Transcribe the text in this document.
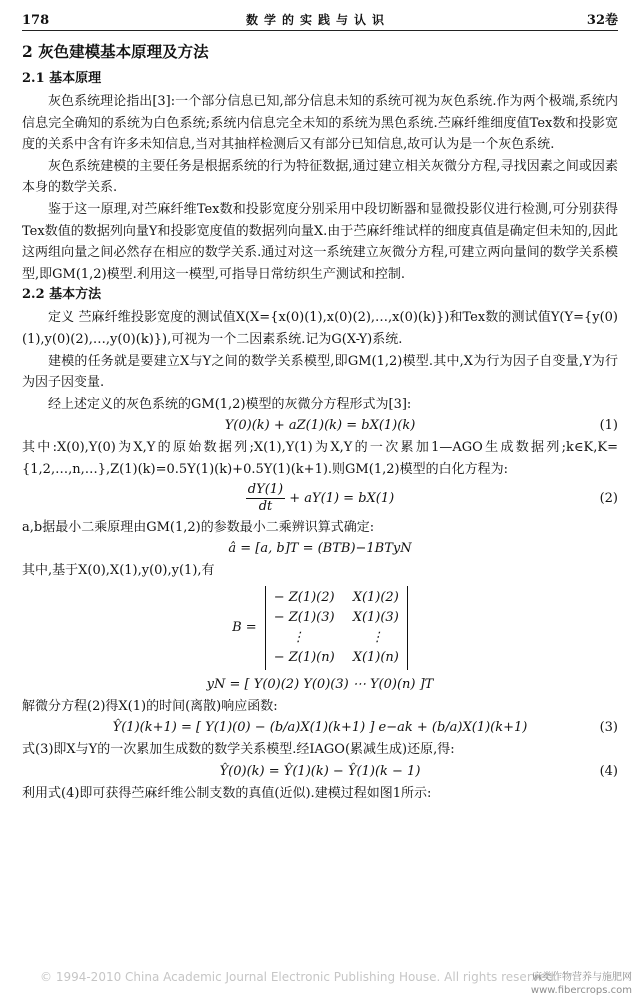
178	数学的实践与认识	32卷
2 灰色建模基本原理及方法
2.1 基本原理

灰色系统理论指出[3]:一个部分信息已知,部分信息未知的系统可视为灰色系统.作为两个极端,系统内信息完全确知的系统为白色系统;系统内信息完全未知的系统为黑色系统.苎麻纤维细度值Tex数和投影宽度的关系中含有许多未知信息,当对其抽样检测后又有部分已知信息,故可认为是一个灰色系统.

灰色系统建模的主要任务是根据系统的行为特征数据,通过建立相关灰微分方程,寻找因素之间或因素本身的数学关系.

鉴于这一原理,对苎麻纤维Tex数和投影宽度分别采用中段切断器和显微投影仪进行检测,可分别获得Tex数值的数据列向量Y和投影宽度值的数据列向量X.由于苎麻纤维试样的细度真值是确定但未知的,因此这两组向量之间必然存在相应的数学关系.通过对这一系统建立灰微分方程,可建立两向量间的数学关系模型,即GM(1,2)模型.利用这一模型,可指导日常纺织生产测试和控制.

2.2 基本方法

定义 苎麻纤维投影宽度的测试值X(X={x(0)(1),x(0)(2),…,x(0)(k)})和Tex数的测试值Y(Y={y(0)(1),y(0)(2),…,y(0)(k)}),可视为一个二因素系统.记为G(X-Y)系统.

建模的任务就是要建立X与Y之间的数学关系模型,即GM(1,2)模型.其中,X为行为因子自变量,Y为行为因子因变量.

经上述定义的灰色系统的GM(1,2)模型的灰微分方程形式为[3]:

Y(0)(k) + aZ(1)(k) = bX(1)(k)	(1)

其中:X(0),Y(0)为X,Y的原始数据列;X(1),Y(1)为X,Y的一次累加1—AGO生成数据列;k∈K,K={1,2,…,n,…},Z(1)(k)=0.5Y(1)(k)+0.5Y(1)(k+1).则GM(1,2)模型的白化方程为:

$\frac{dY(1)}{dt} + aY(1) = bX(1)$	(2)

a,b据最小二乘原理由GM(1,2)的参数最小二乘辨识算式确定:

â = [a, b]T = (BTB)−1BTyN

其中,基于X(0),X(1),y(0),y(1),有

B =
− Z(1)(2) X(1)(2)
− Z(1)(3) X(1)(3)
⋮	⋮
− Z(1)(n) X(1)(n)
yN = [ Y(0)(2) Y(0)(3) ⋯ Y(0)(n) ]T

解微分方程(2)得X(1)的时间(离散)响应函数:

Ŷ(1)(k+1) = [ Y(1)(0) − (b/a)X(1)(k+1) ] e−ak + (b/a)X(1)(k+1)	(3)

式(3)即X与Y的一次累加生成数的数学关系模型.经IAGO(累减生成)还原,得:

Ŷ(0)(k) = Ŷ(1)(k) − Ŷ(1)(k − 1)	(4)

利用式(4)即可获得苎麻纤维公制支数的真值(近似).建模过程如图1所示:

© 1994-2010 China Academic Journal Electronic Publishing House. All rights reserved.
麻类作物营养与施肥网
www.fibercrops.com
